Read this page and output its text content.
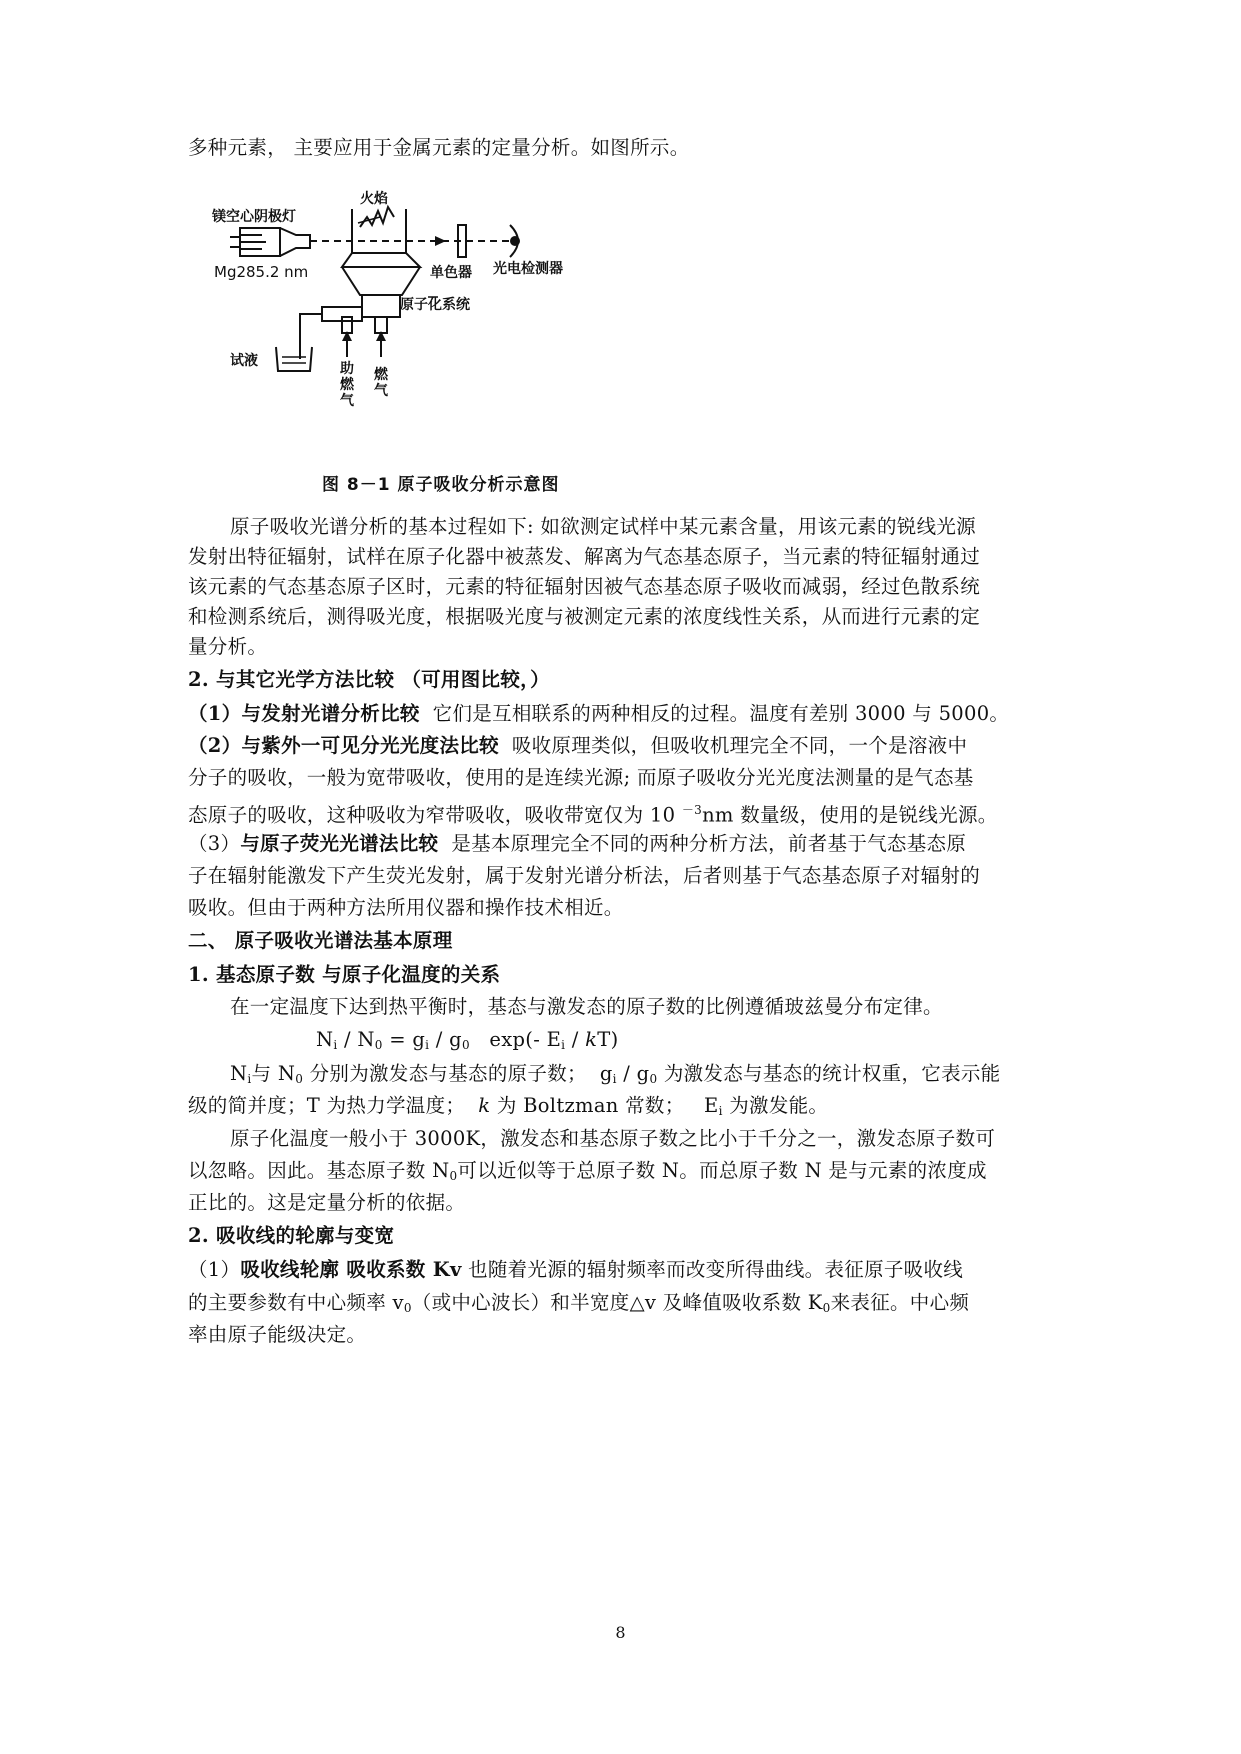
多种元素， 主要应用于金属元素的定量分析。如图所示。
火焰
镁空心阴极灯
Mg285.2 nm	单色器 光电检测器
原子化系统
试液	助
燃
气
燃
气
图 8－1 原子吸收分析示意图
原子吸收光谱分析的基本过程如下: 如欲测定试样中某元素含量，用该元素的锐线光源
发射出特征辐射，试样在原子化器中被蒸发、解离为气态基态原子，当元素的特征辐射通过
该元素的气态基态原子区时，元素的特征辐射因被气态基态原子吸收而减弱，经过色散系统
和检测系统后，测得吸光度，根据吸光度与被测定元素的浓度线性关系，从而进行元素的定
量分析。
2. 与其它光学方法比较 （可用图比较，）
（1）与发射光谱分析比较 它们是互相联系的两种相反的过程。温度有差别 3000 与 5000。
（2）与紫外一可见分光光度法比较 吸收原理类似，但吸收机理完全不同，一个是溶液中
分子的吸收，一般为宽带吸收，使用的是连续光源; 而原子吸收分光光度法测量的是气态基
态原子的吸收，这种吸收为窄带吸收，吸收带宽仅为 10 $^{-3}$nm 数量级，使用的是锐线光源。
（3）与原子荧光光谱法比较 是基本原理完全不同的两种分析方法，前者基于气态基态原
子在辐射能激发下产生荧光发射，属于发射光谱分析法，后者则基于气态基态原子对辐射的
吸收。但由于两种方法所用仪器和操作技术相近。
二、 原子吸收光谱法基本原理
1. 基态原子数 与原子化温度的关系
在一定温度下达到热平衡时，基态与激发态的原子数的比例遵循玻兹曼分布定律。
$N_i / N_0 = g_i / g_0$ exp(- $E_i / kT$)
$N_i$与 $N_0$ 分别为激发态与基态的原子数； $g_i / g_0$ 为激发态与基态的统计权重，它表示能
级的简并度；T 为热力学温度； k 为 Boltzman 常数；   $E_i$ 为激发能。
原子化温度一般小于 3000K，激发态和基态原子数之比小于千分之一，激发态原子数可
以忽略。因此。基态原子数 $N_0$可以近似等于总原子数 N。而总原子数 N 是与元素的浓度成
正比的。这是定量分析的依据。
2. 吸收线的轮廓与变宽
（1）吸收线轮廓 吸收系数 Kv 也随着光源的辐射频率而改变所得曲线。表征原子吸收线
的主要参数有中心频率 $v_0$（或中心波长）和半宽度△v 及峰值吸收系数 $K_0$来表征。中心频
率由原子能级决定。
8
